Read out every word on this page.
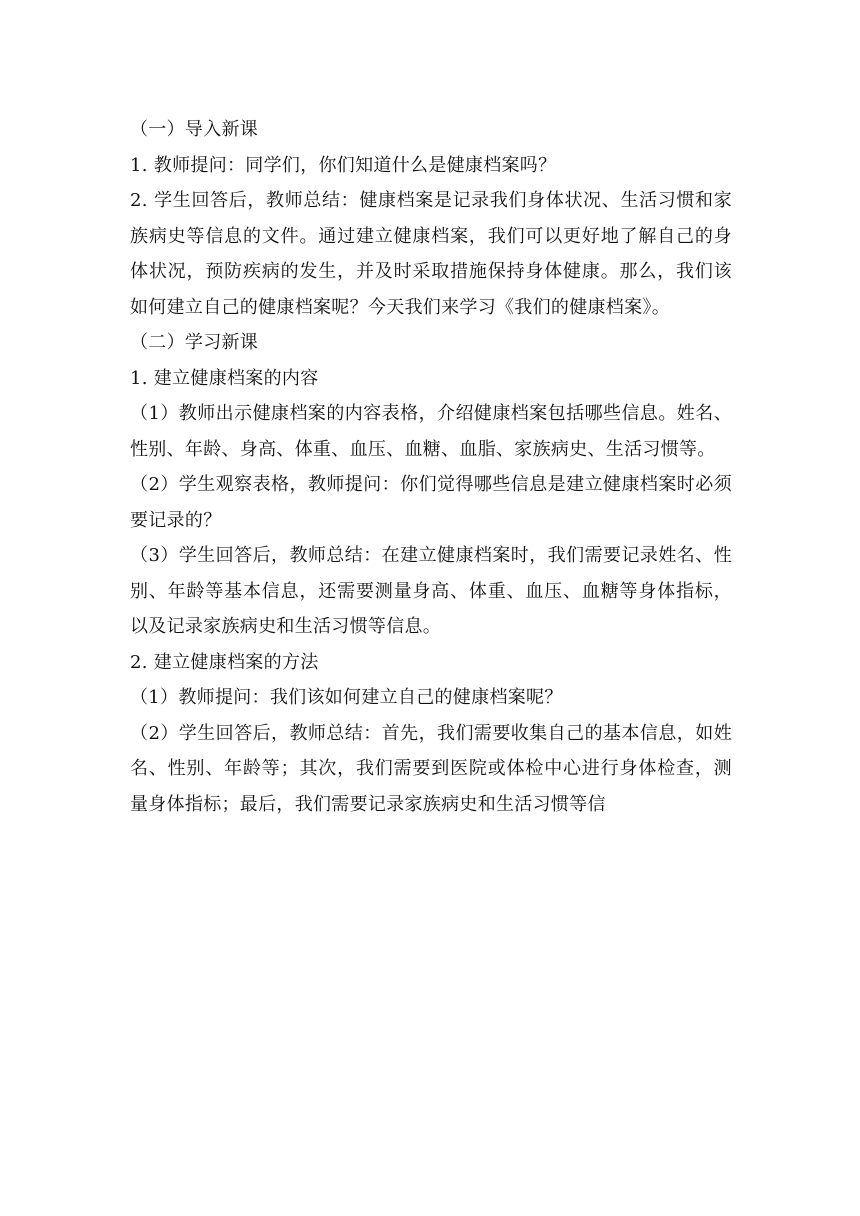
（一）导入新课

1. 教师提问：同学们，你们知道什么是健康档案吗？

2. 学生回答后，教师总结：健康档案是记录我们身体状况、生活习惯和家族病史等信息的文件。通过建立健康档案，我们可以更好地了解自己的身体状况，预防疾病的发生，并及时采取措施保持身体健康。那么，我们该如何建立自己的健康档案呢？今天我们来学习《我们的健康档案》。

（二）学习新课

1. 建立健康档案的内容

（1）教师出示健康档案的内容表格，介绍健康档案包括哪些信息。姓名、性别、年龄、身高、体重、血压、血糖、血脂、家族病史、生活习惯等。

（2）学生观察表格，教师提问：你们觉得哪些信息是建立健康档案时必须要记录的？

（3）学生回答后，教师总结：在建立健康档案时，我们需要记录姓名、性别、年龄等基本信息，还需要测量身高、体重、血压、血糖等身体指标，以及记录家族病史和生活习惯等信息。

2. 建立健康档案的方法

（1）教师提问：我们该如何建立自己的健康档案呢？

（2）学生回答后，教师总结：首先，我们需要收集自己的基本信息，如姓名、性别、年龄等；其次，我们需要到医院或体检中心进行身体检查，测量身体指标；最后，我们需要记录家族病史和生活习惯等信
